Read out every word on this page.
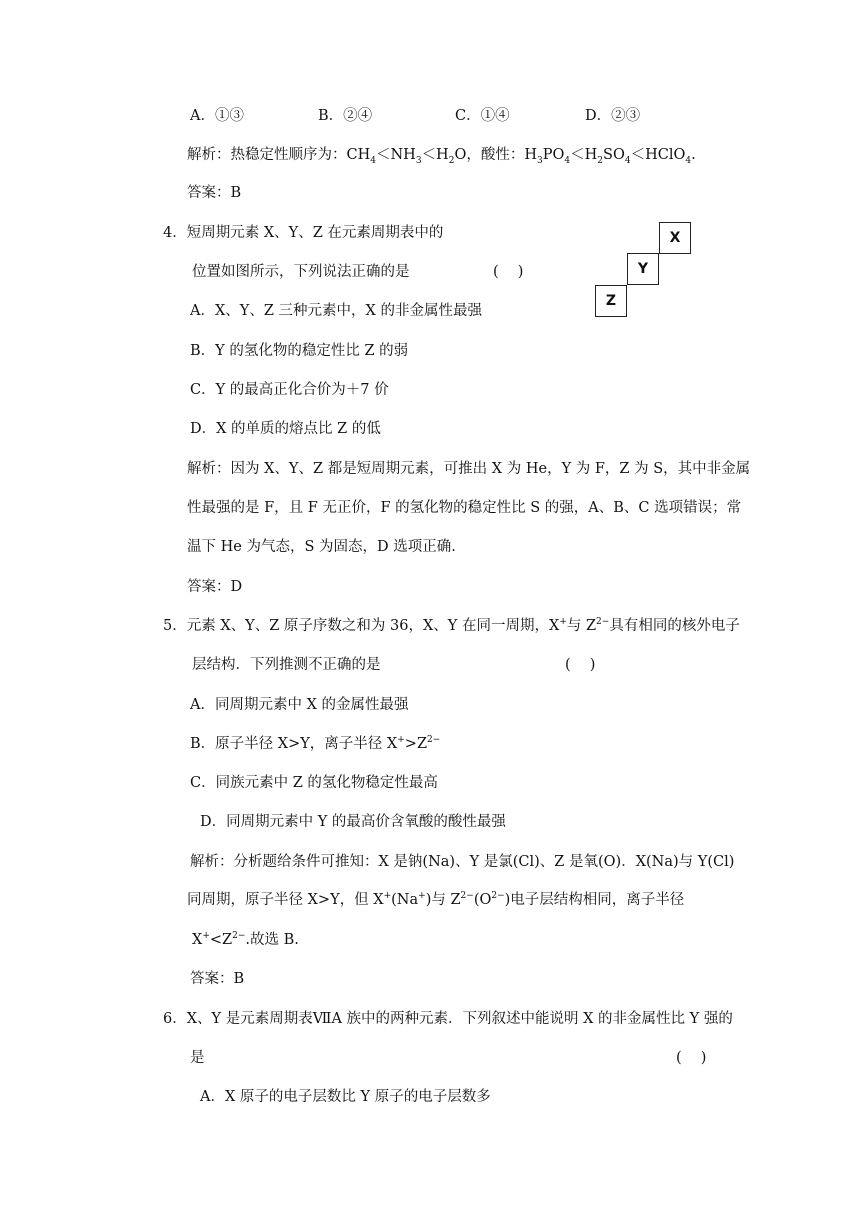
A．①③	B．②④	C．①④	D．②③
解析：热稳定性顺序为：$CH_4<NH_3<H_2O$，酸性：$H_3PO_4<H_2SO_4<HClO_4$.
答案：B
4．短周期元素 X、Y、Z 在元素周期表中的
位置如图所示，下列说法正确的是	(　 )
X
Y
Z
A．X、Y、Z 三种元素中，X 的非金属性最强
B．Y 的氢化物的稳定性比 Z 的弱
C．Y 的最高正化合价为＋7 价
D．X 的单质的熔点比 Z 的低
解析：因为 X、Y、Z 都是短周期元素，可推出 X 为 He，Y 为 F，Z 为 S，其中非金属
性最强的是 F，且 F 无正价，F 的氢化物的稳定性比 S 的强，A、B、C 选项错误；常
温下 He 为气态，S 为固态，D 选项正确.
答案：D
5．元素 X、Y、Z 原子序数之和为 36，X、Y 在同一周期，X+与 $Z^{2-}$具有相同的核外电子
层结构．下列推测不正确的是	(　 )
A．同周期元素中 X 的金属性最强
B．原子半径 X>Y，离子半径 $X^+>Z^{2-}$
C．同族元素中 Z 的氢化物稳定性最高
D．同周期元素中 Y 的最高价含氧酸的酸性最强
解析：分析题给条件可推知：X 是钠(Na)、Y 是氯(Cl)、Z 是氧(O)．X(Na)与 Y(Cl)
同周期，原子半径 X>Y，但 X+(Na+)与 $Z^{2-}(O^{2-})$电子层结构相同，离子半径
$X^+<Z^{2-}$.故选 B.
答案：B
6．X、Y 是元素周期表ⅦA 族中的两种元素．下列叙述中能说明 X 的非金属性比 Y 强的
是	(　 )
A．X 原子的电子层数比 Y 原子的电子层数多
